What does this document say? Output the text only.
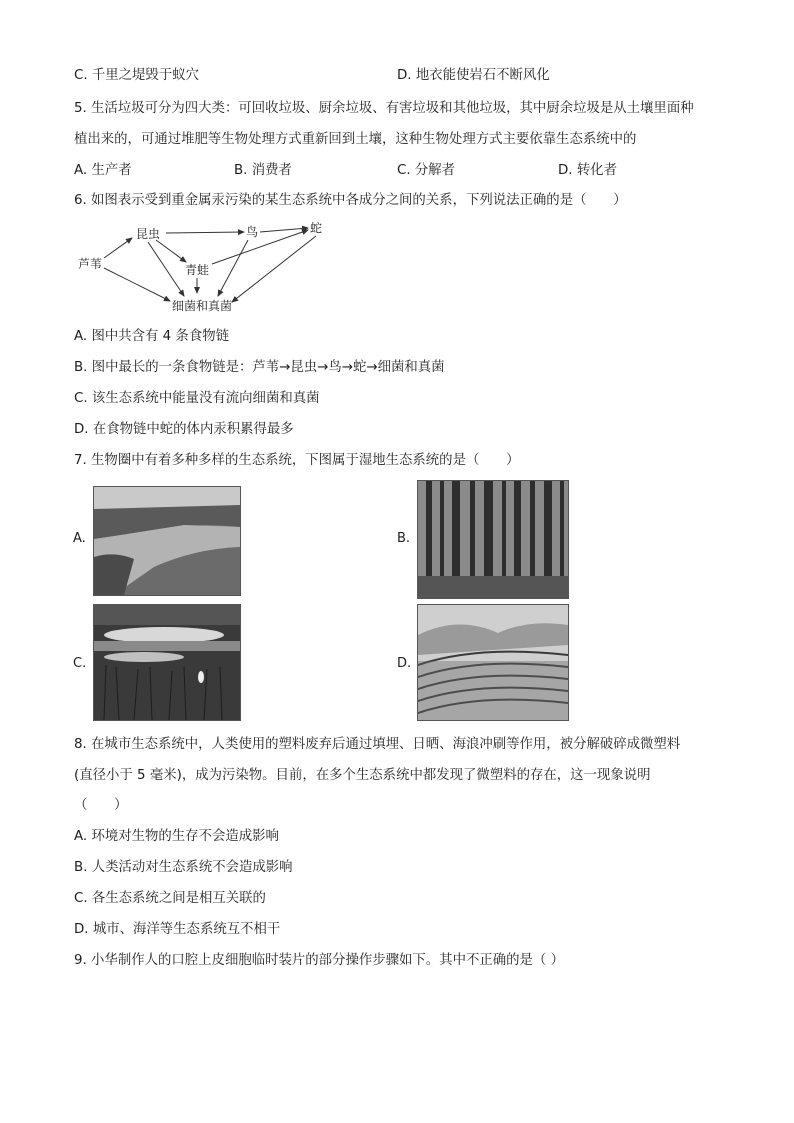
C. 千里之堤毁于蚁穴	D. 地衣能使岩石不断风化
5. 生活垃圾可分为四大类：可回收垃圾、厨余垃圾、有害垃圾和其他垃圾，其中厨余垃圾是从土壤里面种
植出来的，可通过堆肥等生物处理方式重新回到土壤，这种生物处理方式主要依靠生态系统中的
A. 生产者	B. 消费者	C. 分解者	D. 转化者
6. 如图表示受到重金属汞污染的某生态系统中各成分之间的关系，下列说法正确的是（　　）
芦苇
昆虫	鸟	蛇
青蛙
细菌和真菌
A. 图中共含有 4 条食物链
B. 图中最长的一条食物链是：芦苇→昆虫→鸟→蛇→细菌和真菌
C. 该生态系统中能量没有流向细菌和真菌
D. 在食物链中蛇的体内汞积累得最多
7. 生物圈中有着多种多样的生态系统，下图属于湿地生态系统的是（　　）
A.	B.
C.	D.
8. 在城市生态系统中，人类使用的塑料废弃后通过填埋、日晒、海浪冲刷等作用，被分解破碎成微塑料
(直径小于 5 毫米)，成为污染物。目前，在多个生态系统中都发现了微塑料的存在，这一现象说明
（　　）
A. 环境对生物的生存不会造成影响
B. 人类活动对生态系统不会造成影响
C. 各生态系统之间是相互关联的
D. 城市、海洋等生态系统互不相干
9. 小华制作人的口腔上皮细胞临时装片的部分操作步骤如下。其中不正确的是（ ）
